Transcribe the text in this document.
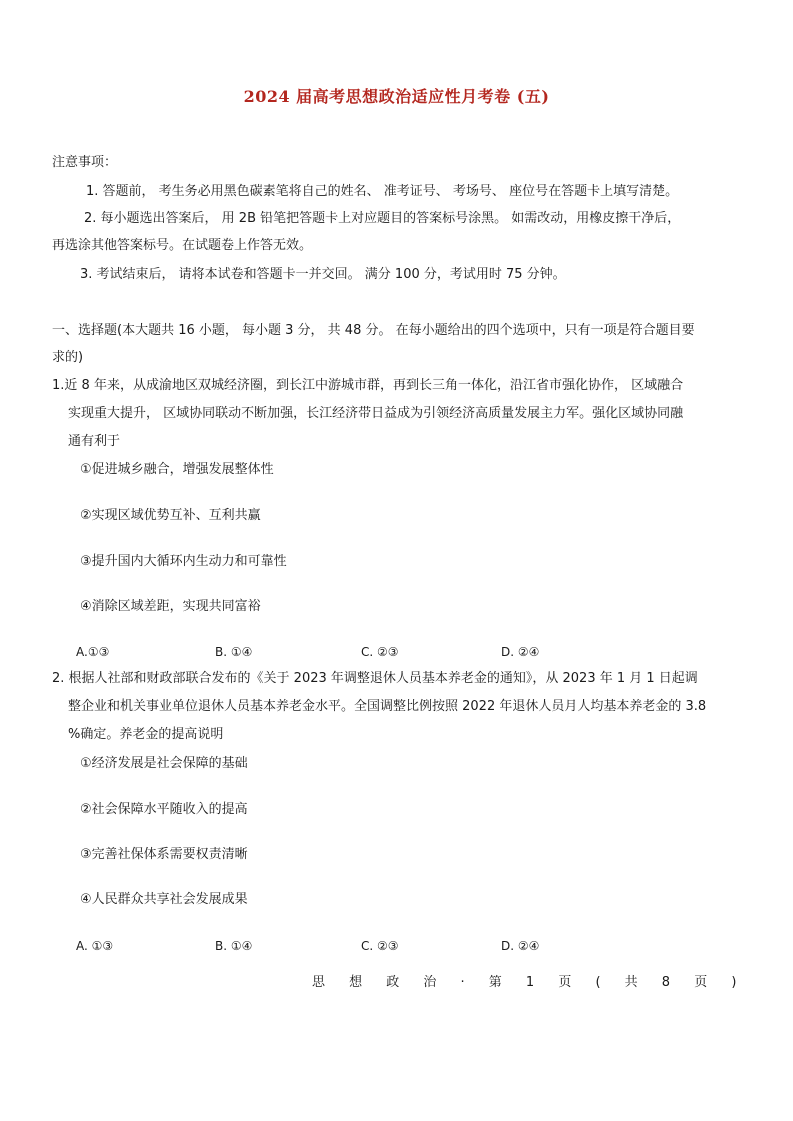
2024 届高考思想政治适应性月考卷 (五)
注意事项：
1. 答题前， 考生务必用黑色碳素笔将自己的姓名、 准考证号、 考场号、 座位号在答题卡上填写清楚。
2. 每小题选出答案后， 用 2B 铅笔把答题卡上对应题目的答案标号涂黑。 如需改动，用橡皮擦干净后，
再选涂其他答案标号。在试题卷上作答无效。
3. 考试结束后， 请将本试卷和答题卡一并交回。 满分 100 分，考试用时 75 分钟。
一、选择题(本大题共 16 小题， 每小题 3 分， 共 48 分。 在每小题给出的四个选项中，只有一项是符合题目要
求的)
1.近 8 年来，从成渝地区双城经济圈，到长江中游城市群，再到长三角一体化，沿江省市强化协作， 区域融合
实现重大提升， 区域协同联动不断加强，长江经济带日益成为引领经济高质量发展主力军。强化区域协同融
通有利于
①促进城乡融合，增强发展整体性
②实现区域优势互补、互利共赢
③提升国内大循环内生动力和可靠性
④消除区域差距，实现共同富裕
A.①③	B. ①④	C. ②③	D. ②④
2. 根据人社部和财政部联合发布的《关于 2023 年调整退休人员基本养老金的通知》，从 2023 年 1 月 1 日起调
整企业和机关事业单位退休人员基本养老金水平。全国调整比例按照 2022 年退休人员月人均基本养老金的 3.8
%确定。养老金的提高说明
①经济发展是社会保障的基础
②社会保障水平随收入的提高
③完善社保体系需要权责清晰
④人民群众共享社会发展成果
A. ①③	B. ①④	C. ②③	D. ②④
思 想 政 治 · 第 1 页 ( 共 8 页 )
